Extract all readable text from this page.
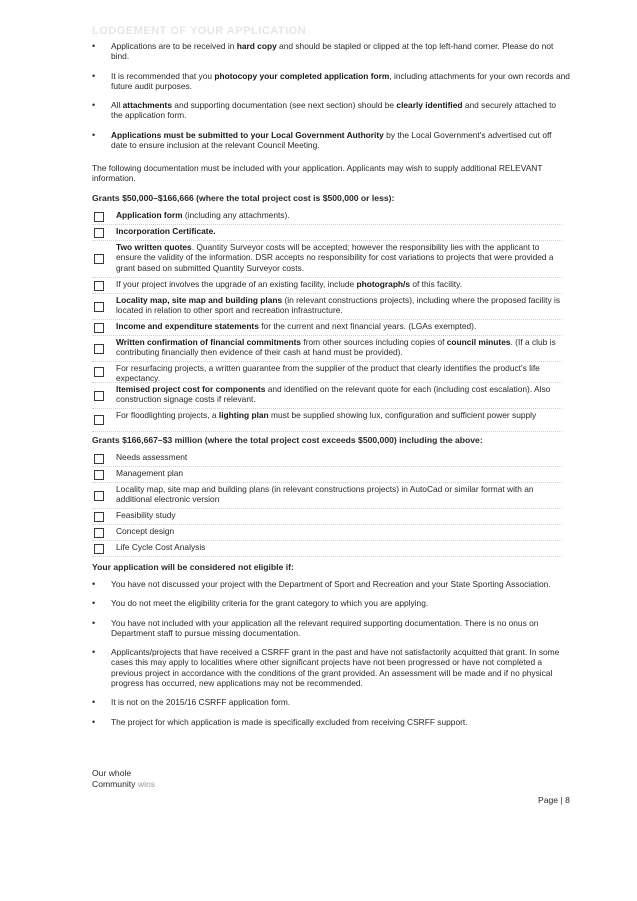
LODGEMENT OF YOUR APPLICATION
• Applications are to be received in hard copy and should be stapled or clipped at the top left-hand corner. Please do not bind.
• It is recommended that you photocopy your completed application form, including attachments for your own records and future audit purposes.
• All attachments and supporting documentation (see next section) should be clearly identified and securely attached to the application form.
• Applications must be submitted to your Local Government Authority by the Local Government's advertised cut off date to ensure inclusion at the relevant Council Meeting.
The following documentation must be included with your application. Applicants may wish to supply additional RELEVANT information.
Grants $50,000–$166,666 (where the total project cost is $500,000 or less):
Application form (including any attachments).
Incorporation Certificate.
Two written quotes. Quantity Surveyor costs will be accepted; however the responsibility lies with the applicant to ensure the validity of the information. DSR accepts no responsibility for cost variations to projects that were provided a grant based on submitted Quantity Surveyor costs.
If your project involves the upgrade of an existing facility, include photograph/s of this facility.
Locality map, site map and building plans (in relevant constructions projects), including where the proposed facility is located in relation to other sport and recreation infrastructure.
Income and expenditure statements for the current and next financial years. (LGAs exempted).
Written confirmation of financial commitments from other sources including copies of council minutes. (If a club is contributing financially then evidence of their cash at hand must be provided).
For resurfacing projects, a written guarantee from the supplier of the product that clearly identifies the product's life expectancy.
Itemised project cost for components and identified on the relevant quote for each (including cost escalation). Also construction signage costs if relevant.
For floodlighting projects, a lighting plan must be supplied showing lux, configuration and sufficient power supply
Grants $166,667–$3 million (where the total project cost exceeds $500,000) including the above:
Needs assessment
Management plan
Locality map, site map and building plans (in relevant constructions projects) in AutoCad or similar format with an additional electronic version
Feasibility study
Concept design
Life Cycle Cost Analysis
Your application will be considered not eligible if:
• You have not discussed your project with the Department of Sport and Recreation and your State Sporting Association.
• You do not meet the eligibility criteria for the grant category to which you are applying.
• You have not included with your application all the relevant required supporting documentation. There is no onus on Department staff to pursue missing documentation.
• Applicants/projects that have received a CSRFF grant in the past and have not satisfactorily acquitted that grant. In some cases this may apply to localities where other significant projects have not been progressed or have not completed a previous project in accordance with the conditions of the grant provided. An assessment will be made and if no physical progress has occurred, new applications may not be recommended.
• It is not on the 2015/16 CSRFF application form.
• The project for which application is made is specifically excluded from receiving CSRFF support.
Our whole
Community wins
Page | 8
